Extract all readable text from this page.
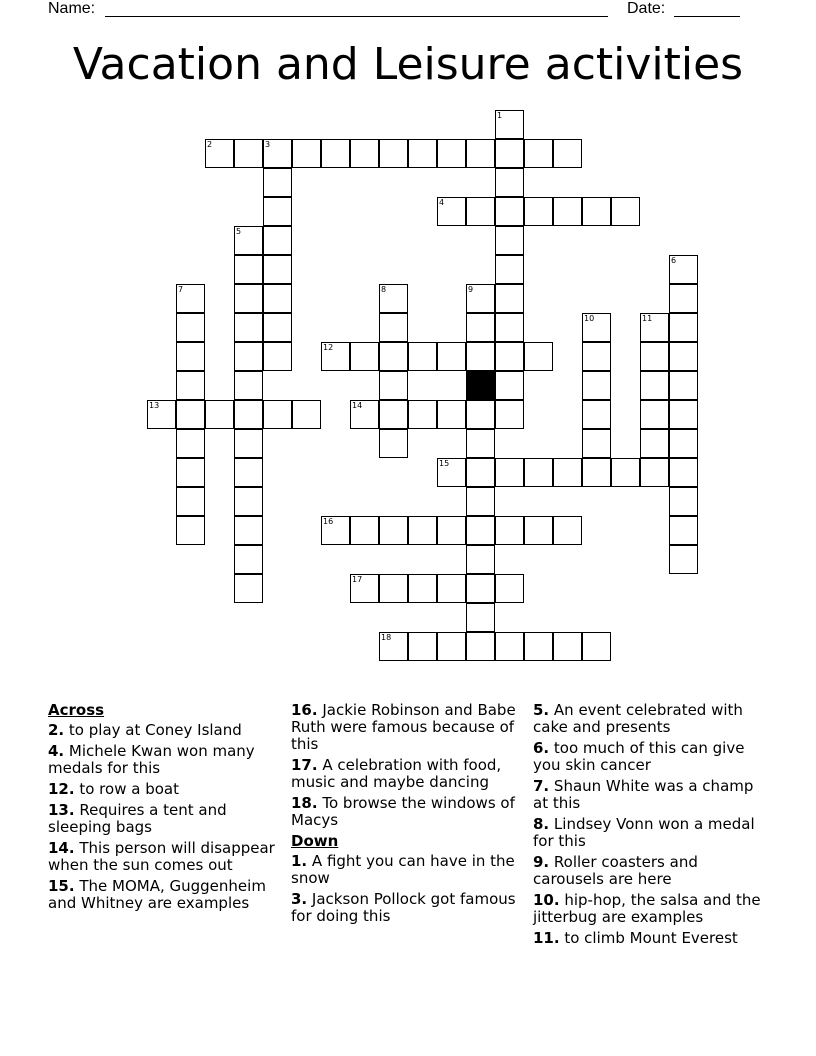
Name:	Date:
Vacation and Leisure activities
1
2	3
4
5
6
7	8	9
10	11
12
13	14
15
16
17
18
Across
2. to play at Coney Island
4. Michele Kwan won many medals for this
12. to row a boat
13. Requires a tent and sleeping bags
14. This person will disappear when the sun comes out
15. The MOMA, Guggenheim and Whitney are examples
16. Jackie Robinson and Babe Ruth were famous because of this
17. A celebration with food, music and maybe dancing
18. To browse the windows of Macys
Down
1. A fight you can have in the snow
3. Jackson Pollock got famous for doing this
5. An event celebrated with cake and presents
6. too much of this can give you skin cancer
7. Shaun White was a champ at this
8. Lindsey Vonn won a medal for this
9. Roller coasters and carousels are here
10. hip-hop, the salsa and the jitterbug are examples
11. to climb Mount Everest
